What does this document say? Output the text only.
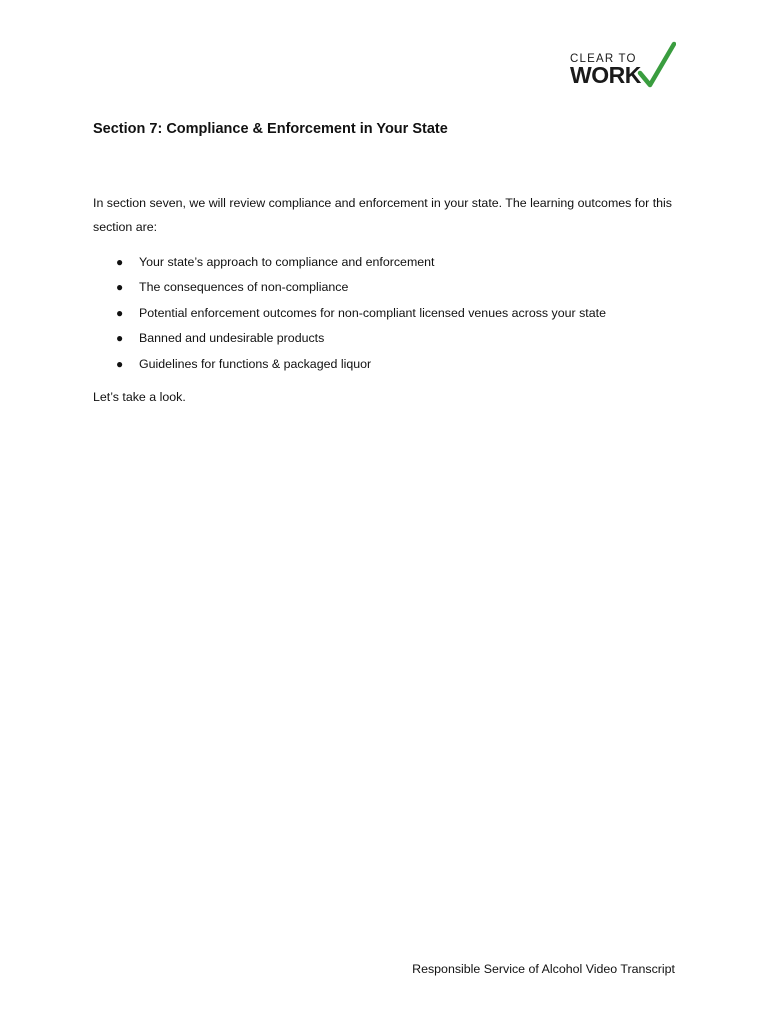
CLEAR TO
WORK
Section 7: Compliance & Enforcement in Your State
In section seven, we will review compliance and enforcement in your state. The learning outcomes for this section are:
● Your state’s approach to compliance and enforcement
● The consequences of non-compliance
● Potential enforcement outcomes for non-compliant licensed venues across your state
● Banned and undesirable products
● Guidelines for functions & packaged liquor
Let’s take a look.
Responsible Service of Alcohol Video Transcript
